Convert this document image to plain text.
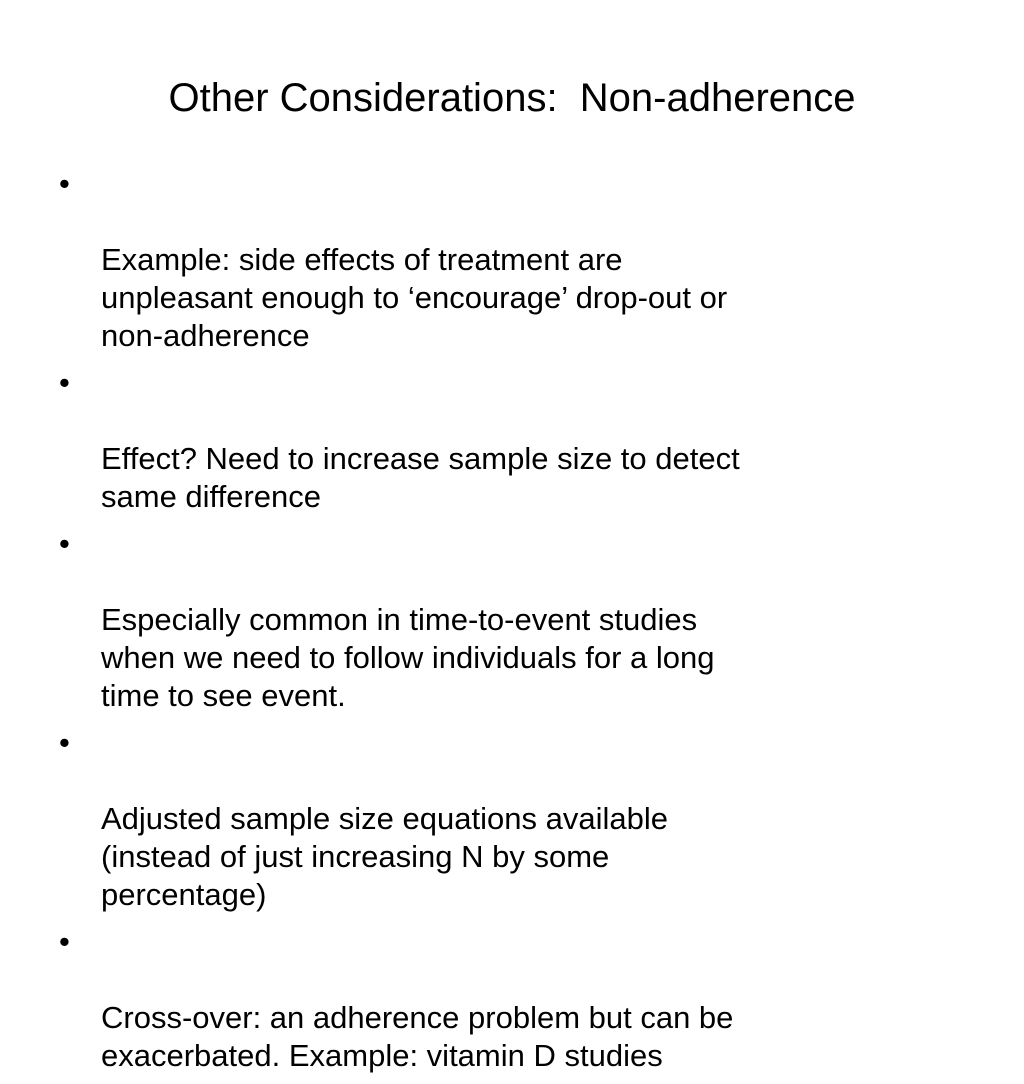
Other Considerations:  Non-adherence

•

Example: side effects of treatment are
unpleasant enough to ‘encourage’ drop-out or
non-adherence

•

Effect? Need to increase sample size to detect
same difference

•

Especially common in time-to-event studies
when we need to follow individuals for a long
time to see event.

•

Adjusted sample size equations available
(instead of just increasing N by some
percentage)

•

Cross-over: an adherence problem but can be
exacerbated. Example: vitamin D studies
